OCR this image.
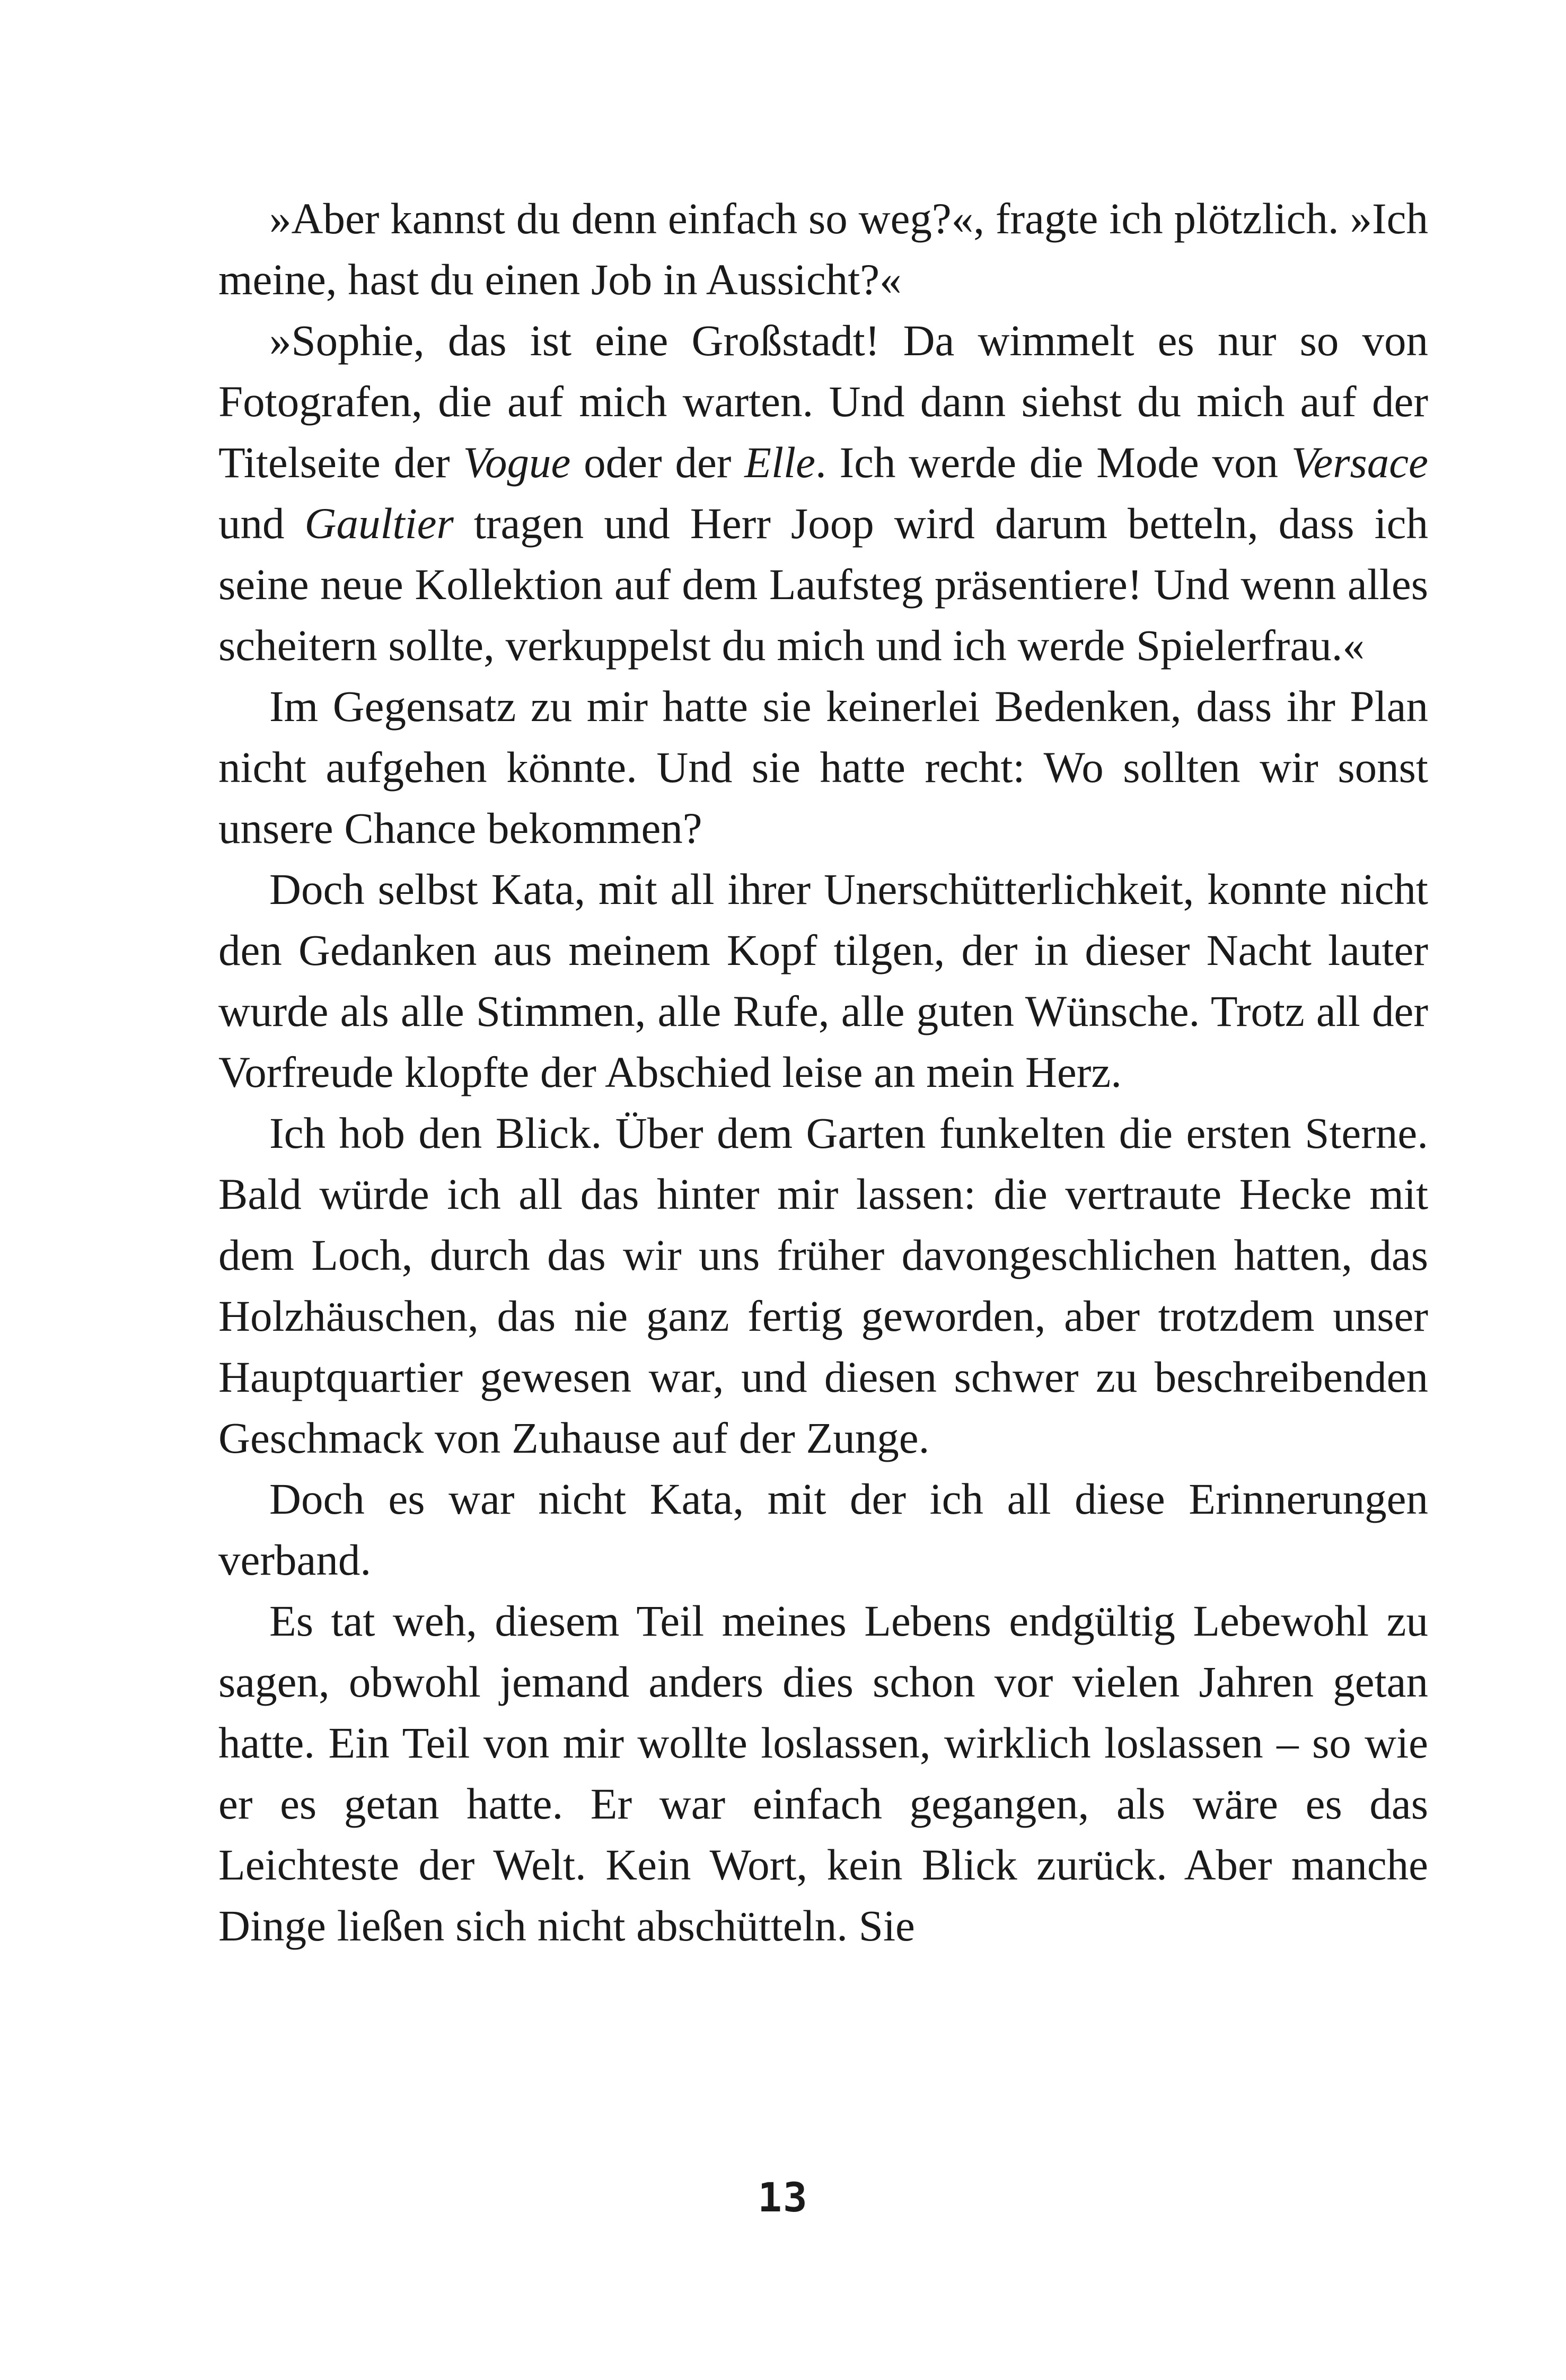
»Aber kannst du denn einfach so weg?«, fragte ich plötzlich. »Ich meine, hast du einen Job in Aussicht?«

»Sophie, das ist eine Großstadt! Da wimmelt es nur so von Fotografen, die auf mich warten. Und dann siehst du mich auf der Titelseite der Vogue oder der Elle. Ich werde die Mode von Versace und Gaultier tragen und Herr Joop wird darum betteln, dass ich seine neue Kollektion auf dem Laufsteg präsentiere! Und wenn alles scheitern sollte, verkuppelst du mich und ich werde Spielerfrau.«

Im Gegensatz zu mir hatte sie keinerlei Bedenken, dass ihr Plan nicht aufgehen könnte. Und sie hatte recht: Wo sollten wir sonst unsere Chance bekommen?

Doch selbst Kata, mit all ihrer Unerschütterlichkeit, konnte nicht den Gedanken aus meinem Kopf tilgen, der in dieser Nacht lauter wurde als alle Stimmen, alle Rufe, alle guten Wünsche. Trotz all der Vorfreude klopfte der Abschied leise an mein Herz.

Ich hob den Blick. Über dem Garten funkelten die ersten Sterne. Bald würde ich all das hinter mir lassen: die vertraute Hecke mit dem Loch, durch das wir uns früher davongeschlichen hatten, das Holzhäuschen, das nie ganz fertig geworden, aber trotzdem unser Hauptquartier gewesen war, und diesen schwer zu beschreibenden Geschmack von Zuhause auf der Zunge.

Doch es war nicht Kata, mit der ich all diese Erinnerungen verband.

Es tat weh, diesem Teil meines Lebens endgültig Lebewohl zu sagen, obwohl jemand anders dies schon vor vielen Jahren getan hatte. Ein Teil von mir wollte loslassen, wirklich loslassen – so wie er es getan hatte. Er war einfach gegangen, als wäre es das Leichteste der Welt. Kein Wort, kein Blick zurück. Aber manche Dinge ließen sich nicht abschütteln. Sie

13
